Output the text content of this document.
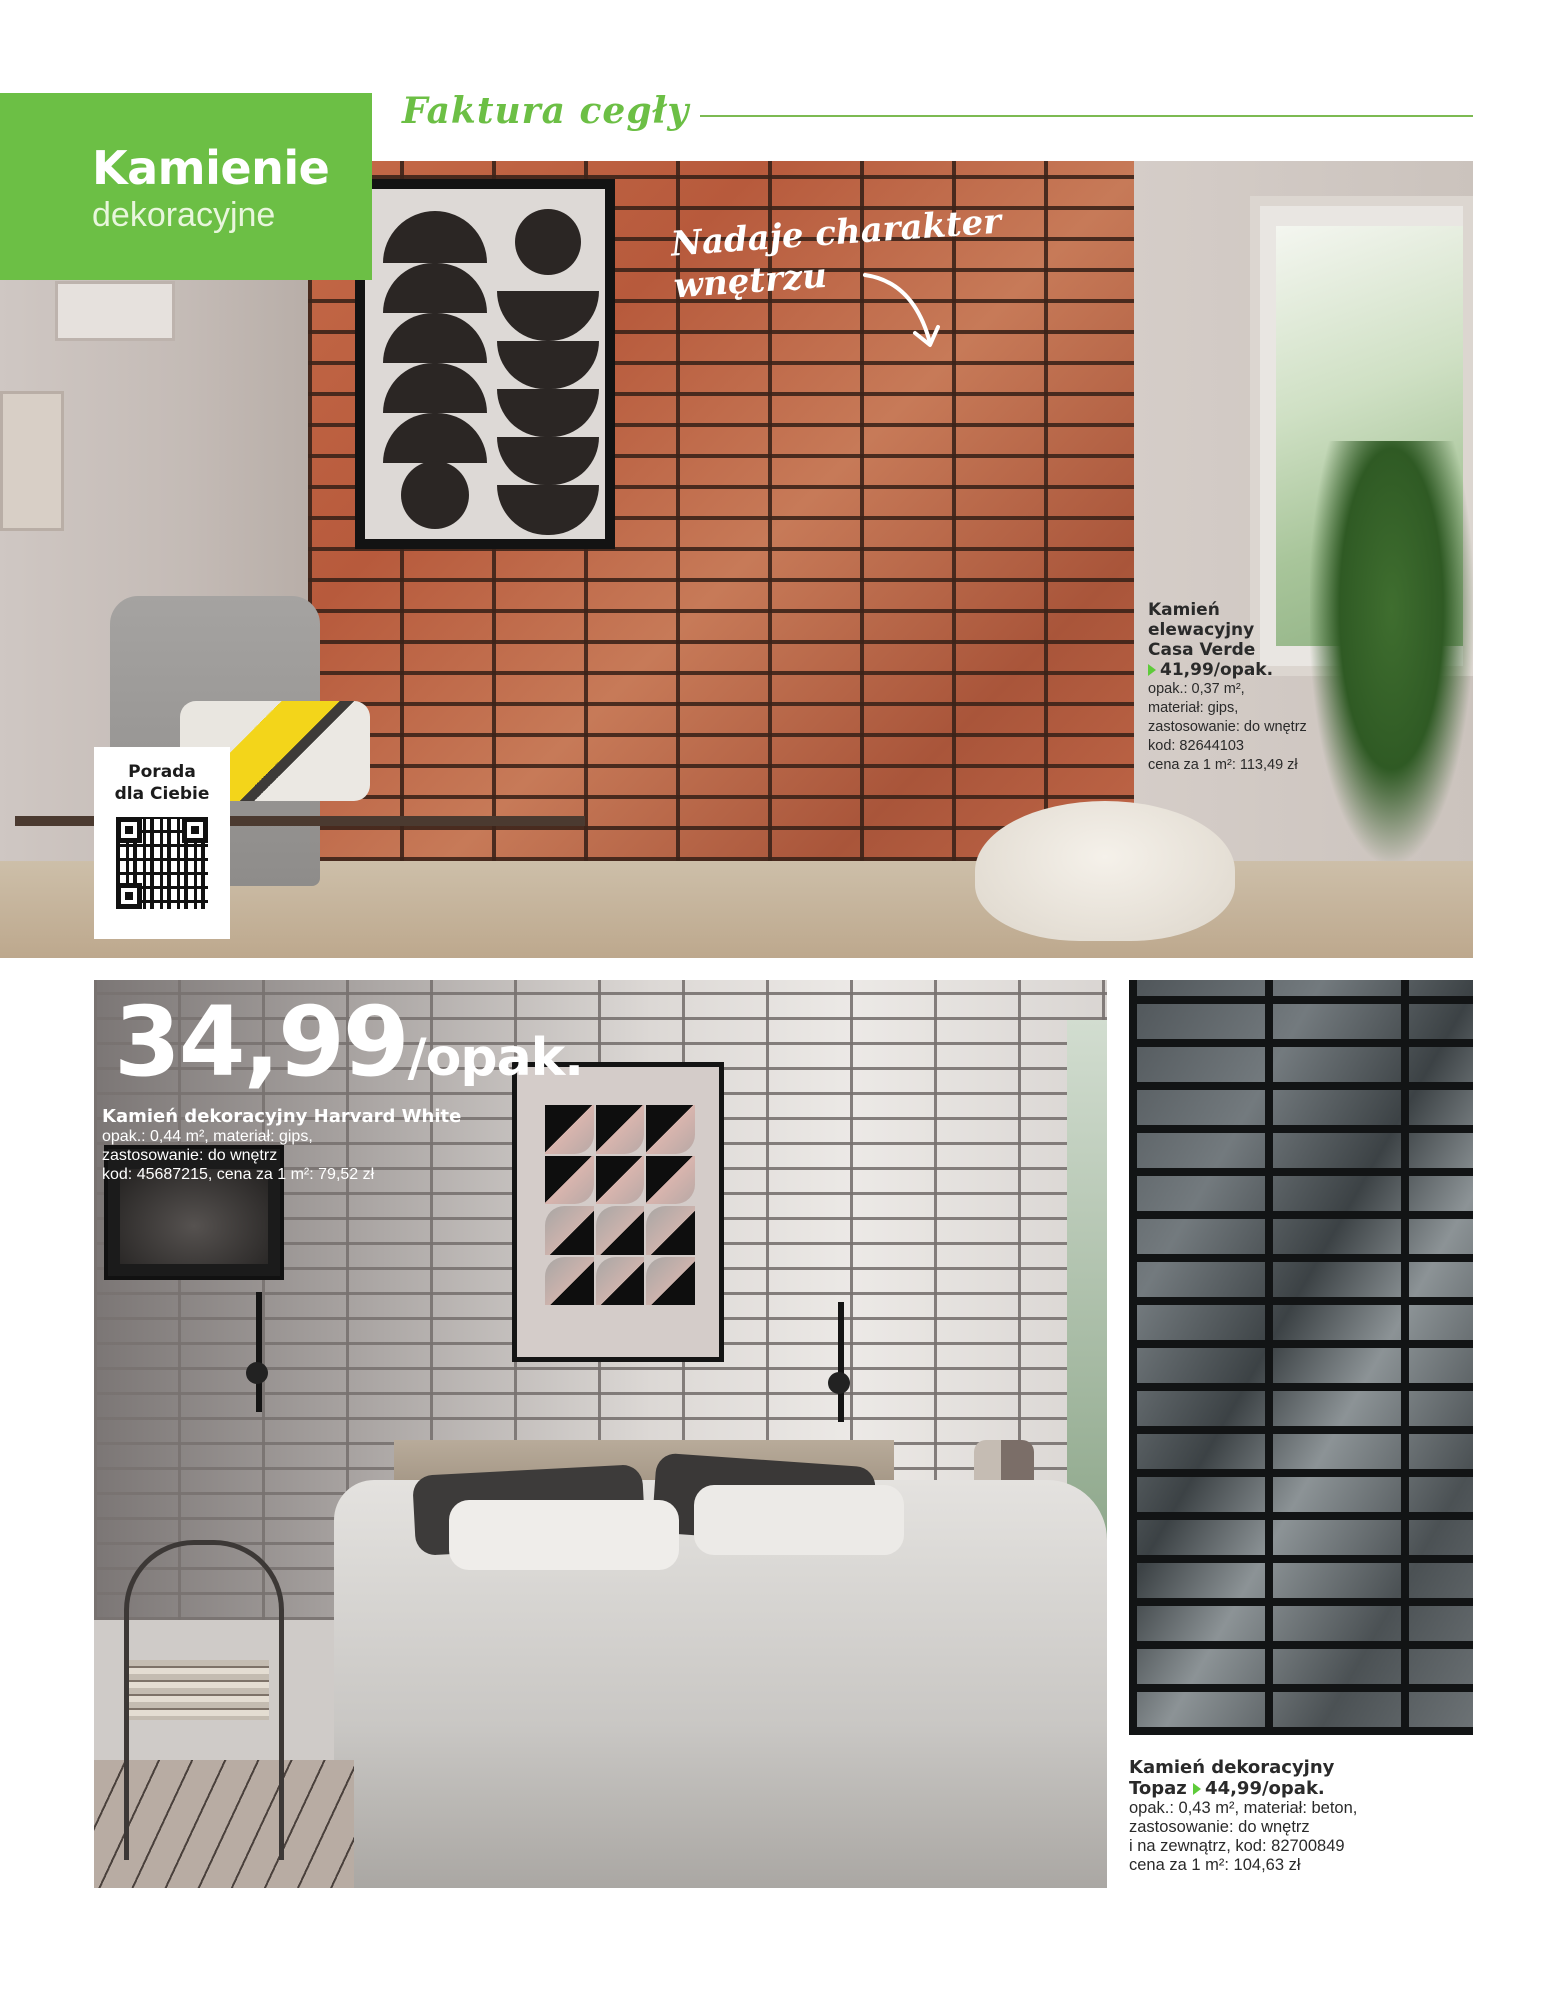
Kamienie
dekoracyjne
Faktura cegły
Nadaje charakter
wnętrzu
Kamień
elewacyjny
Casa Verde
41,99/opak.
opak.: 0,37 m²,
materiał: gips,
zastosowanie: do wnętrz
kod: 82644103
cena za 1 m²: 113,49 zł
Porada
dla Ciebie
34,99/opak.
Kamień dekoracyjny Harvard White
opak.: 0,44 m², materiał: gips,
zastosowanie: do wnętrz
kod: 45687215, cena za 1 m²: 79,52 zł
Kamień dekoracyjny
Topaz 44,99/opak.
opak.: 0,43 m², materiał: beton,
zastosowanie: do wnętrz
i na zewnątrz, kod: 82700849
cena za 1 m²: 104,63 zł
